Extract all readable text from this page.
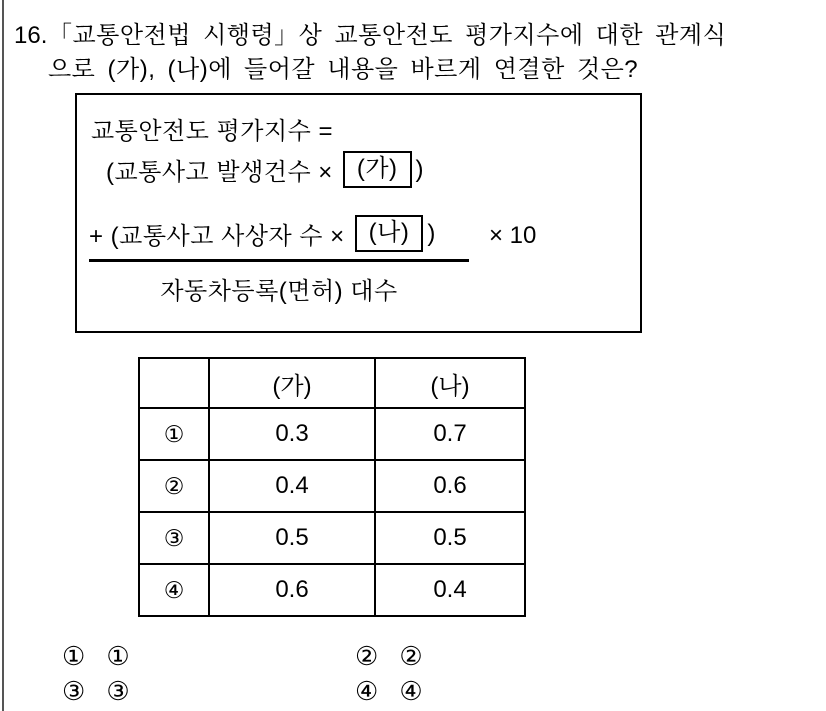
16.「교통안전법 시행령」상 교통안전도 평가지수에 대한 관계식
으로 (가), (나)에 들어갈 내용을 바르게 연결한 것은?
교통안전도 평가지수 =
(교통사고 발생건수 ×	(가) )
+ (교통사고 사상자 수 ×	(나) )
자동차등록(면허) 대수
× 10
	(가)	(나)
①	0.3	0.7
②	0.4	0.6
③	0.5	0.5
④	0.6	0.4
① ①	② ②
③ ③	④ ④
